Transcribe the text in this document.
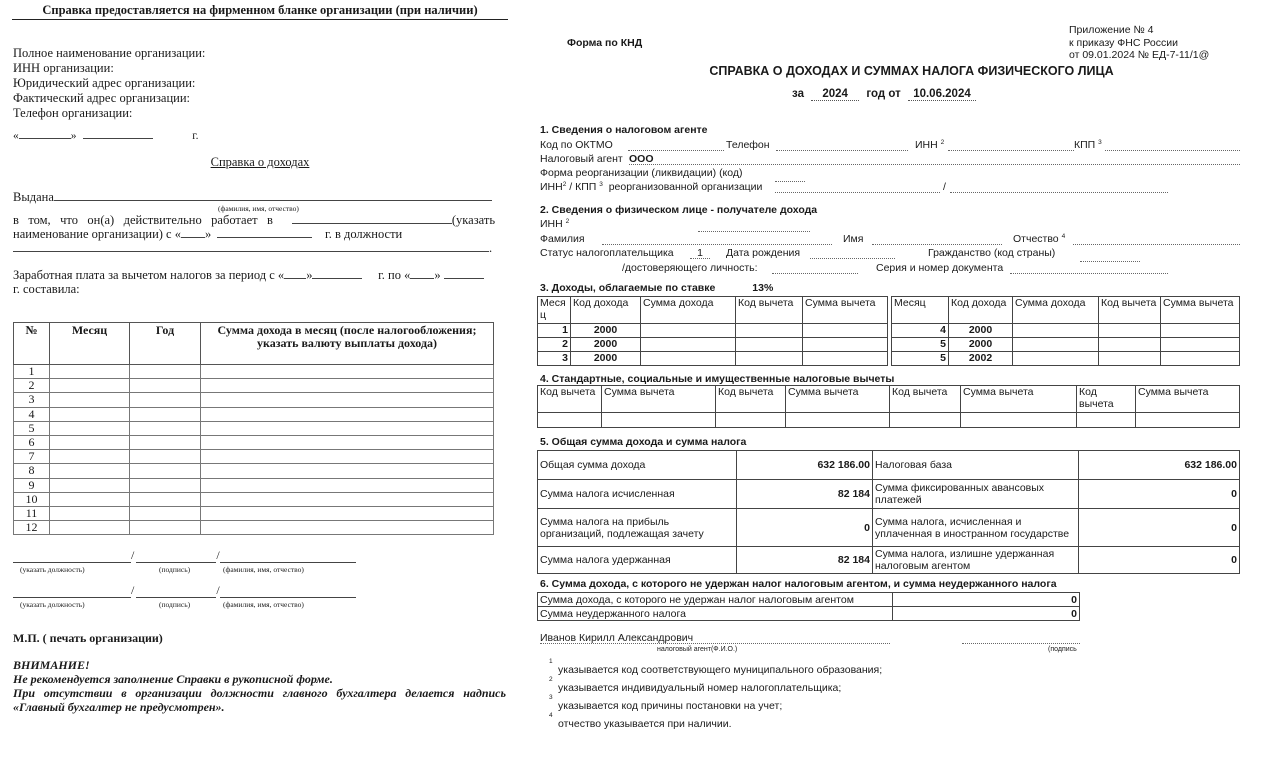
Справка предоставляется на фирменном бланке организации (при наличии)
Полное наименование организации:
ИНН организации:
Юридический адрес организации:
Фактический адрес организации:
Телефон организации:
«	»	г.
Справка о доходах
Выдана
(фамилия, имя, отчество)
в том, что он(а) действительно работает в	(указать наименование организации) с « »	г. в должности
.
Заработная плата за вычетом налогов за период с « »	г. по « »
г. составила:
№	Месяц	Год	Сумма дохода в месяц (после налогообложения; указать валюту выплаты дохода)
1			
2			
3			
4			
5			
6			
7			
8			
9			
10			
11			
12			
/	/
(указать должность)	(подпись)	(фамилия, имя, отчество)
/	/
(указать должность)	(подпись)	(фамилия, имя, отчество)
М.П. ( печать организации)
ВНИМАНИЕ!
Не рекомендуется заполнение Справки в рукописной форме.
При отсутствии в организации должности главного бухгалтера делается надпись «Главный бухгалтер не предусмотрен».
Форма по КНД
Приложение № 4
к приказу ФНС России
от 09.01.2024 № ЕД-7-11/1@
СПРАВКА О ДОХОДАХ И СУММАХ НАЛОГА ФИЗИЧЕСКОГО ЛИЦА
за 2024 год от 10.06.2024
1. Сведения о налоговом агенте
Код по ОКТМО	Телефон	ИНН $^2$	КПП $^3$
Налоговый агент ООО
Форма реорганизации (ликвидации) (код)
ИНН$^2$ / КПП $^3$ реорганизованной организации	/
2. Сведения о физическом лице - получателе дохода
ИНН $^2$
Фамилия	Имя	Отчество $^4$
Статус налогоплательщика	1	Дата рождения	Гражданство (код страны)
/достоверяющего личность:	Серия и номер документа
3. Доходы, облагаемые по ставке	13%
Меся ц	Код дохода	Сумма дохода	Код вычета	Сумма вычета
1	2000			
2	2000			
3	2000			
Месяц	Код дохода	Сумма дохода	Код вычета	Сумма вычета
4	2000			
5	2000			
5	2002			
4. Стандартные, социальные и имущественные налоговые вычеты
Код вычета	Сумма вычета	Код вычета	Сумма вычета	Код вычета	Сумма вычета	Код вычета	Сумма вычета

5. Общая сумма дохода и сумма налога
Общая сумма дохода	632 186.00	Налоговая база	632 186.00
Сумма налога исчисленная	82 184	Сумма фиксированных авансовых платежей	0
Сумма налога на прибыль организаций, подлежащая зачету	0	Сумма налога, исчисленная и уплаченная в иностранном государстве	0
Сумма налога удержанная	82 184	Сумма налога, излишне удержанная налоговым агентом	0
6. Сумма дохода, с которого не удержан налог налоговым агентом, и сумма неудержанного налога
Сумма дохода, с которого не удержан налог налоговым агентом	0
Сумма неудержанного налога	0
Иванов Кирилл Александрович
налоговый агент(Ф.И.О.)	(подпись
1
указывается код соответствующего муниципального образования;
2
указывается индивидуальный номер налогоплательщика;
3
указывается код причины постановки на учет;
4
отчество указывается при наличии.
